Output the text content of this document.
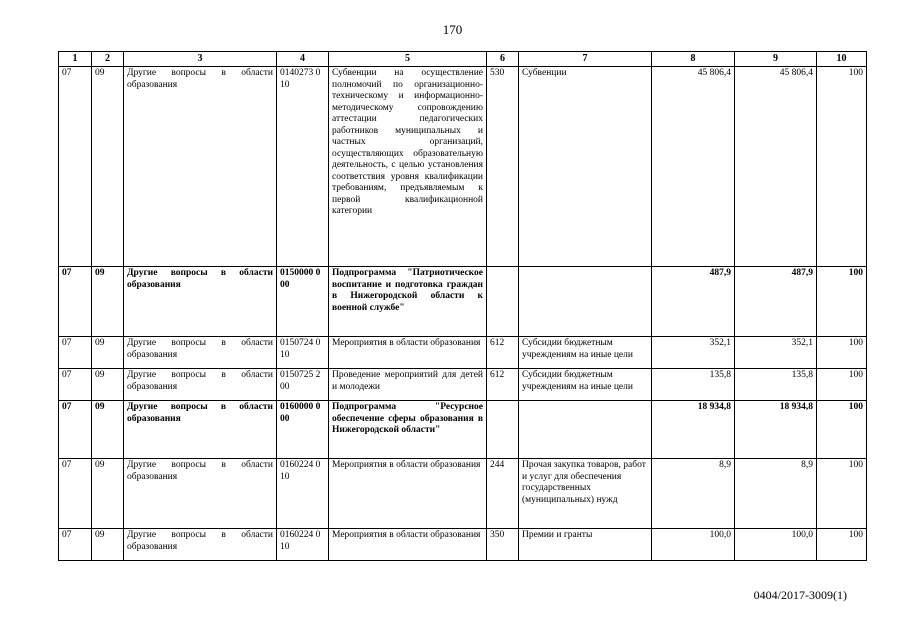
170
1	2	3	4	5	6	7	8	9	10
07	09	Другие вопросы в области образования	0140273 010	Субвенции на осуществление полномочий по организационно-техническому и информационно-методическому сопровождению аттестации педагогических работников муниципальных и частных организаций, осуществляющих образовательную деятельность, с целью установления соответствия уровня квалификации требованиям, предъявляемым к первой квалификационной категории	530	Субвенции	45 806,4	45 806,4	100
07	09	Другие вопросы в области образования	0150000 000	Подпрограмма "Патриотическое воспитание и подготовка граждан в Нижегородской области к военной службе"			487,9	487,9	100
07	09	Другие вопросы в области образования	0150724 010	Мероприятия в области образования	612	Субсидии бюджетным учреждениям на иные цели	352,1	352,1	100
07	09	Другие вопросы в области образования	0150725 200	Проведение мероприятий для детей и молодежи	612	Субсидии бюджетным учреждениям на иные цели	135,8	135,8	100
07	09	Другие вопросы в области образования	0160000 000	Подпрограмма "Ресурсное обеспечение сферы образования в Нижегородской области"			18 934,8	18 934,8	100
07	09	Другие вопросы в области образования	0160224 010	Мероприятия в области образования	244	Прочая закупка товаров, работ и услуг для обеспечения государственных (муниципальных) нужд	8,9	8,9	100
07	09	Другие вопросы в области образования	0160224 010	Мероприятия в области образования	350	Премии и гранты	100,0	100,0	100
0404/2017-3009(1)
